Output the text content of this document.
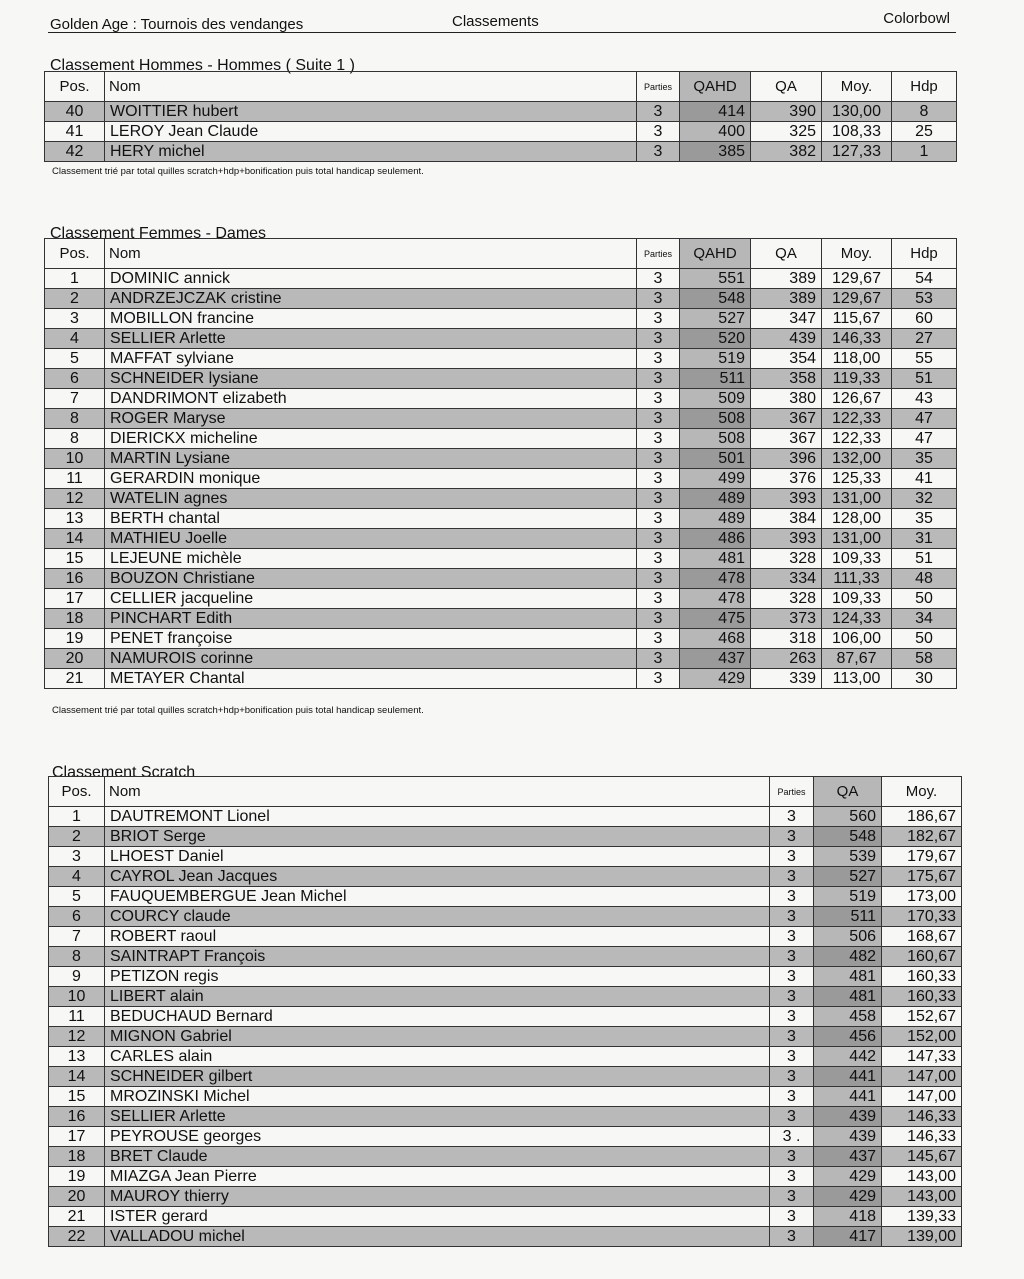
Golden Age : Tournois des vendanges	Classements	Colorbowl
Classement Hommes - Hommes ( Suite 1 )
Pos.	Nom	Parties	QAHD	QA	Moy.	Hdp
40	WOITTIER hubert	3	414	390	130,00	8
41	LEROY Jean Claude	3	400	325	108,33	25
42	HERY michel	3	385	382	127,33	1
Classement trié par total quilles scratch+hdp+bonification puis total handicap seulement.
Classement Femmes - Dames
Pos.	Nom	Parties	QAHD	QA	Moy.	Hdp
1	DOMINIC annick	3	551	389	129,67	54
2	ANDRZEJCZAK cristine	3	548	389	129,67	53
3	MOBILLON francine	3	527	347	115,67	60
4	SELLIER Arlette	3	520	439	146,33	27
5	MAFFAT sylviane	3	519	354	118,00	55
6	SCHNEIDER lysiane	3	511	358	119,33	51
7	DANDRIMONT elizabeth	3	509	380	126,67	43
8	ROGER Maryse	3	508	367	122,33	47
8	DIERICKX micheline	3	508	367	122,33	47
10	MARTIN Lysiane	3	501	396	132,00	35
11	GERARDIN monique	3	499	376	125,33	41
12	WATELIN agnes	3	489	393	131,00	32
13	BERTH chantal	3	489	384	128,00	35
14	MATHIEU Joelle	3	486	393	131,00	31
15	LEJEUNE michèle	3	481	328	109,33	51
16	BOUZON Christiane	3	478	334	111,33	48
17	CELLIER jacqueline	3	478	328	109,33	50
18	PINCHART Edith	3	475	373	124,33	34
19	PENET françoise	3	468	318	106,00	50
20	NAMUROIS corinne	3	437	263	87,67	58
21	METAYER Chantal	3	429	339	113,00	30
Classement trié par total quilles scratch+hdp+bonification puis total handicap seulement.
Classement Scratch
Pos.	Nom	Parties	QA	Moy.
1	DAUTREMONT Lionel	3	560	186,67
2	BRIOT Serge	3	548	182,67
3	LHOEST Daniel	3	539	179,67
4	CAYROL Jean Jacques	3	527	175,67
5	FAUQUEMBERGUE Jean Michel	3	519	173,00
6	COURCY claude	3	511	170,33
7	ROBERT raoul	3	506	168,67
8	SAINTRAPT François	3	482	160,67
9	PETIZON regis	3	481	160,33
10	LIBERT alain	3	481	160,33
11	BEDUCHAUD Bernard	3	458	152,67
12	MIGNON Gabriel	3	456	152,00
13	CARLES alain	3	442	147,33
14	SCHNEIDER gilbert	3	441	147,00
15	MROZINSKI Michel	3	441	147,00
16	SELLIER Arlette	3	439	146,33
17	PEYROUSE georges	3 .	439	146,33
18	BRET Claude	3	437	145,67
19	MIAZGA Jean Pierre	3	429	143,00
20	MAUROY thierry	3	429	143,00
21	ISTER gerard	3	418	139,33
22	VALLADOU michel	3	417	139,00
